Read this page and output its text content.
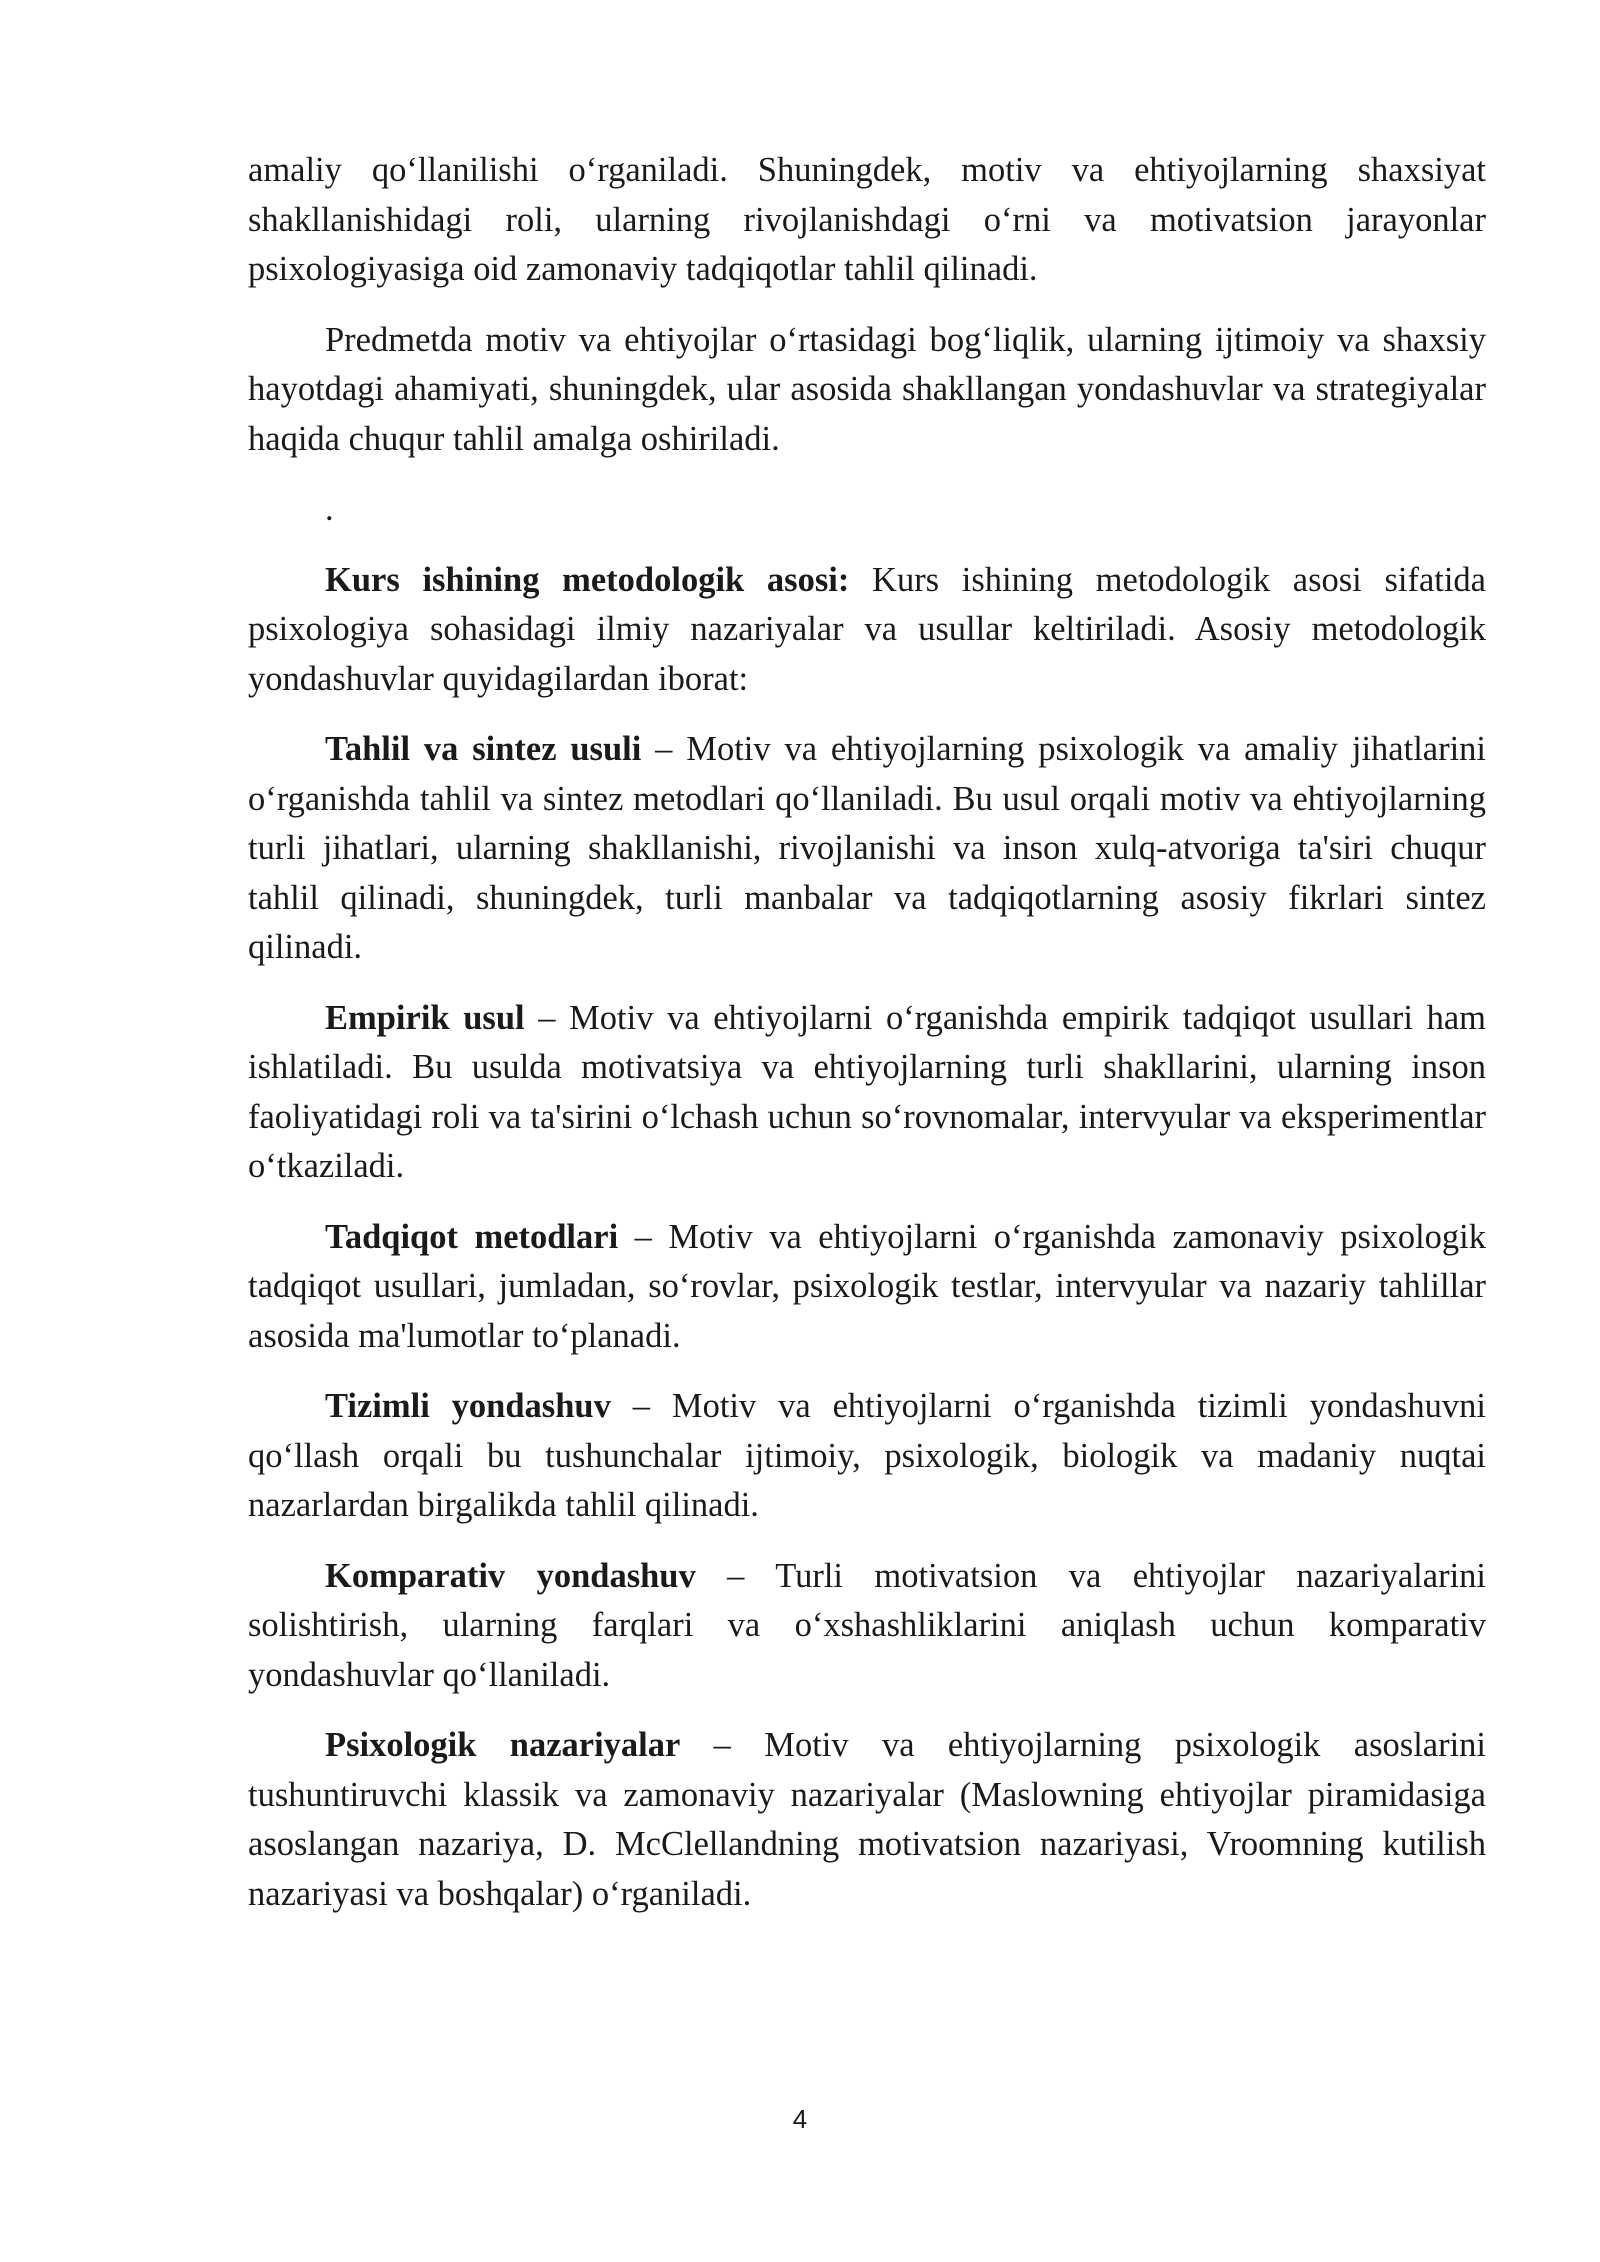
amaliy qo‘llanilishi o‘rganiladi. Shuningdek, motiv va ehtiyojlarning shaxsiyat shakllanishidagi roli, ularning rivojlanishdagi o‘rni va motivatsion jarayonlar psixologiyasiga oid zamonaviy tadqiqotlar tahlil qilinadi.

Predmetda motiv va ehtiyojlar o‘rtasidagi bog‘liqlik, ularning ijtimoiy va shaxsiy hayotdagi ahamiyati, shuningdek, ular asosida shakllangan yondashuvlar va strategiyalar haqida chuqur tahlil amalga oshiriladi.

.

Kurs ishining metodologik asosi: Kurs ishining metodologik asosi sifatida psixologiya sohasidagi ilmiy nazariyalar va usullar keltiriladi. Asosiy metodologik yondashuvlar quyidagilardan iborat:

Tahlil va sintez usuli – Motiv va ehtiyojlarning psixologik va amaliy jihatlarini o‘rganishda tahlil va sintez metodlari qo‘llaniladi. Bu usul orqali motiv va ehtiyojlarning turli jihatlari, ularning shakllanishi, rivojlanishi va inson xulq-atvoriga ta'siri chuqur tahlil qilinadi, shuningdek, turli manbalar va tadqiqotlarning asosiy fikrlari sintez qilinadi.

Empirik usul – Motiv va ehtiyojlarni o‘rganishda empirik tadqiqot usullari ham ishlatiladi. Bu usulda motivatsiya va ehtiyojlarning turli shakllarini, ularning inson faoliyatidagi roli va ta'sirini o‘lchash uchun so‘rovnomalar, intervyular va eksperimentlar o‘tkaziladi.

Tadqiqot metodlari – Motiv va ehtiyojlarni o‘rganishda zamonaviy psixologik tadqiqot usullari, jumladan, so‘rovlar, psixologik testlar, intervyular va nazariy tahlillar asosida ma'lumotlar to‘planadi.

Tizimli yondashuv – Motiv va ehtiyojlarni o‘rganishda tizimli yondashuvni qo‘llash orqali bu tushunchalar ijtimoiy, psixologik, biologik va madaniy nuqtai nazarlardan birgalikda tahlil qilinadi.

Komparativ yondashuv – Turli motivatsion va ehtiyojlar nazariyalarini solishtirish, ularning farqlari va o‘xshashliklarini aniqlash uchun komparativ yondashuvlar qo‘llaniladi.

Psixologik nazariyalar – Motiv va ehtiyojlarning psixologik asoslarini tushuntiruvchi klassik va zamonaviy nazariyalar (Maslowning ehtiyojlar piramidasiga asoslangan nazariya, D. McClellandning motivatsion nazariyasi, Vroomning kutilish nazariyasi va boshqalar) o‘rganiladi.

4
